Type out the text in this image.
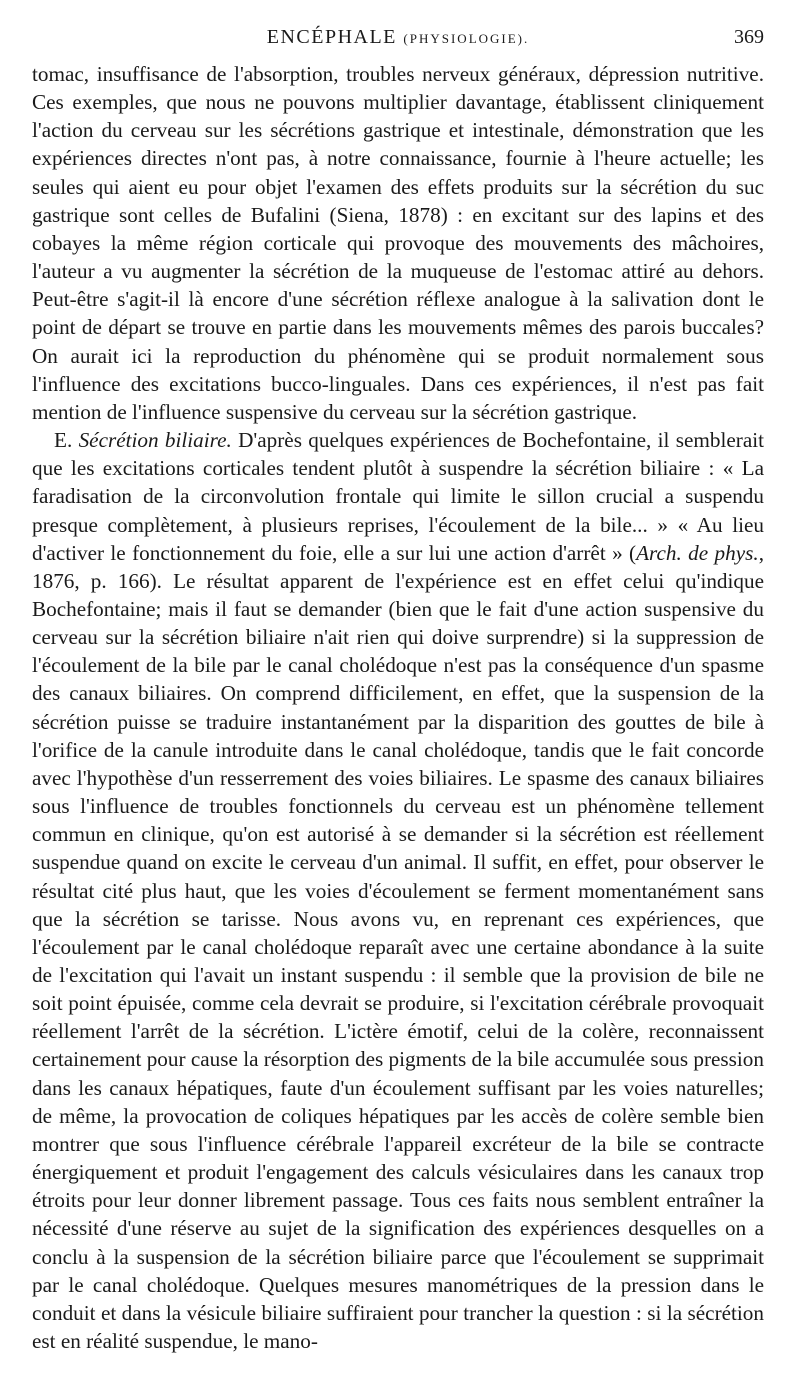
ENCÉPHALE (PHYSIOLOGIE).	369

tomac, insuffisance de l'absorption, troubles nerveux généraux, dépression nutritive. Ces exemples, que nous ne pouvons multiplier davantage, établissent cliniquement l'action du cerveau sur les sécrétions gastrique et intestinale, démonstration que les expériences directes n'ont pas, à notre connaissance, fournie à l'heure actuelle; les seules qui aient eu pour objet l'examen des effets produits sur la sécrétion du suc gastrique sont celles de Bufalini (Siena, 1878) : en excitant sur des lapins et des cobayes la même région corticale qui provoque des mouvements des mâchoires, l'auteur a vu augmenter la sécrétion de la muqueuse de l'estomac attiré au dehors. Peut-être s'agit-il là encore d'une sécrétion réflexe analogue à la salivation dont le point de départ se trouve en partie dans les mouvements mêmes des parois buccales? On aurait ici la reproduction du phénomène qui se produit normalement sous l'influence des excitations bucco-linguales. Dans ces expériences, il n'est pas fait mention de l'influence suspensive du cerveau sur la sécrétion gastrique.

E. Sécrétion biliaire. D'après quelques expériences de Bochefontaine, il semblerait que les excitations corticales tendent plutôt à suspendre la sécrétion biliaire : « La faradisation de la circonvolution frontale qui limite le sillon crucial a suspendu presque complètement, à plusieurs reprises, l'écoulement de la bile... » « Au lieu d'activer le fonctionnement du foie, elle a sur lui une action d'arrêt » (Arch. de phys., 1876, p. 166). Le résultat apparent de l'expérience est en effet celui qu'indique Bochefontaine; mais il faut se demander (bien que le fait d'une action suspensive du cerveau sur la sécrétion biliaire n'ait rien qui doive surprendre) si la suppression de l'écoulement de la bile par le canal cholédoque n'est pas la conséquence d'un spasme des canaux biliaires. On comprend difficilement, en effet, que la suspension de la sécrétion puisse se traduire instantanément par la disparition des gouttes de bile à l'orifice de la canule introduite dans le canal cholédoque, tandis que le fait concorde avec l'hypothèse d'un resserrement des voies biliaires. Le spasme des canaux biliaires sous l'influence de troubles fonctionnels du cerveau est un phénomène tellement commun en clinique, qu'on est autorisé à se demander si la sécrétion est réellement suspendue quand on excite le cerveau d'un animal. Il suffit, en effet, pour observer le résultat cité plus haut, que les voies d'écoulement se ferment momentanément sans que la sécrétion se tarisse. Nous avons vu, en reprenant ces expériences, que l'écoulement par le canal cholédoque reparaît avec une certaine abondance à la suite de l'excitation qui l'avait un instant suspendu : il semble que la provision de bile ne soit point épuisée, comme cela devrait se produire, si l'excitation cérébrale provoquait réellement l'arrêt de la sécrétion. L'ictère émotif, celui de la colère, reconnaissent certainement pour cause la résorption des pigments de la bile accumulée sous pression dans les canaux hépatiques, faute d'un écoulement suffisant par les voies naturelles; de même, la provocation de coliques hépatiques par les accès de colère semble bien montrer que sous l'influence cérébrale l'appareil excréteur de la bile se contracte énergiquement et produit l'engagement des calculs vésiculaires dans les canaux trop étroits pour leur donner librement passage. Tous ces faits nous semblent entraîner la nécessité d'une réserve au sujet de la signification des expériences desquelles on a conclu à la suspension de la sécrétion biliaire parce que l'écoulement se supprimait par le canal cholédoque. Quelques mesures manométriques de la pression dans le conduit et dans la vésicule biliaire suffiraient pour trancher la question : si la sécrétion est en réalité suspendue, le mano-
